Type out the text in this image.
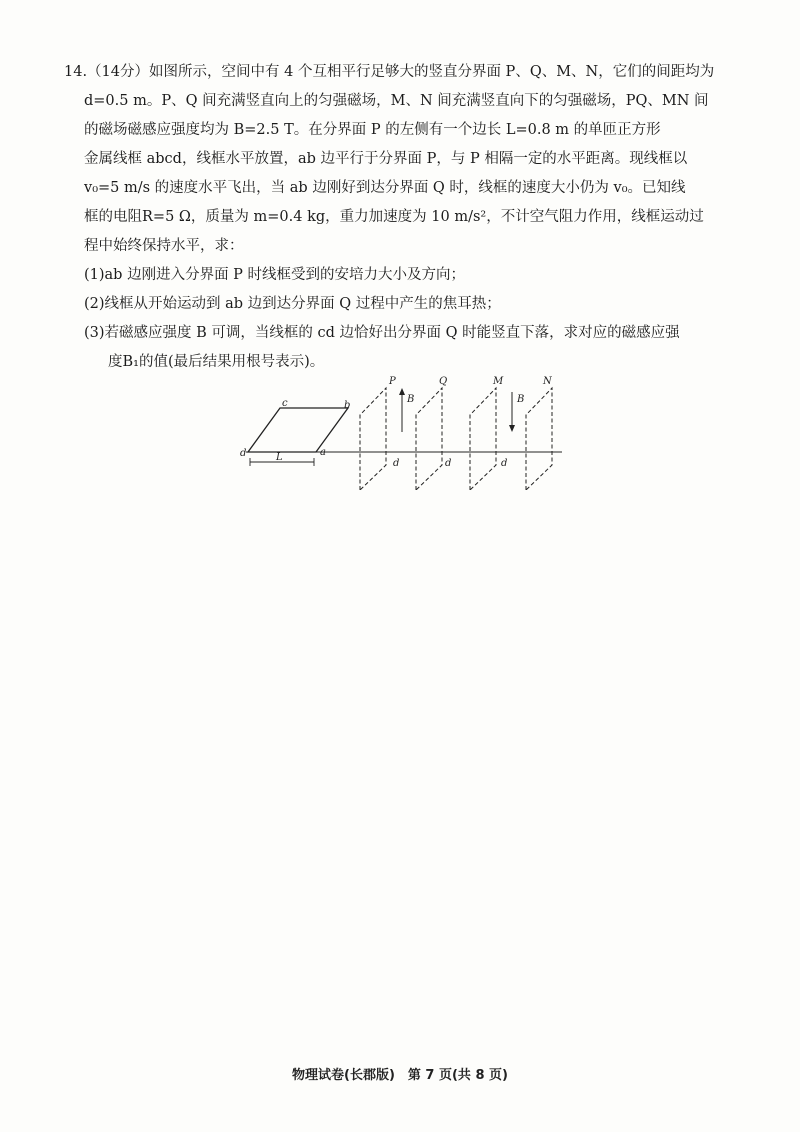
14.（14分）如图所示，空间中有 4 个互相平行足够大的竖直分界面 P、Q、M、N，它们的间距均为
d=0.5 m。P、Q 间充满竖直向上的匀强磁场，M、N 间充满竖直向下的匀强磁场，PQ、MN 间
的磁场磁感应强度均为 B=2.5 T。在分界面 P 的左侧有一个边长 L=0.8 m 的单匝正方形
金属线框 abcd，线框水平放置，ab 边平行于分界面 P，与 P 相隔一定的水平距离。现线框以
v₀=5 m/s 的速度水平飞出，当 ab 边刚好到达分界面 Q 时，线框的速度大小仍为 v₀。已知线
框的电阻R=5 Ω，质量为 m=0.4 kg，重力加速度为 10 m/s²，不计空气阻力作用，线框运动过
程中始终保持水平，求：
(1)ab 边刚进入分界面 P 时线框受到的安培力大小及方向；
(2)线框从开始运动到 ab 边到达分界面 Q 过程中产生的焦耳热；
(3)若磁感应强度 B 可调，当线框的 cd 边恰好出分界面 Q 时能竖直下落，求对应的磁感应强
度B₁的值(最后结果用根号表示)。
d	a
c	b
L
P	Q	M	N
B	B
d	d	d
物理试卷(长郡版)　第 7 页(共 8 页)
